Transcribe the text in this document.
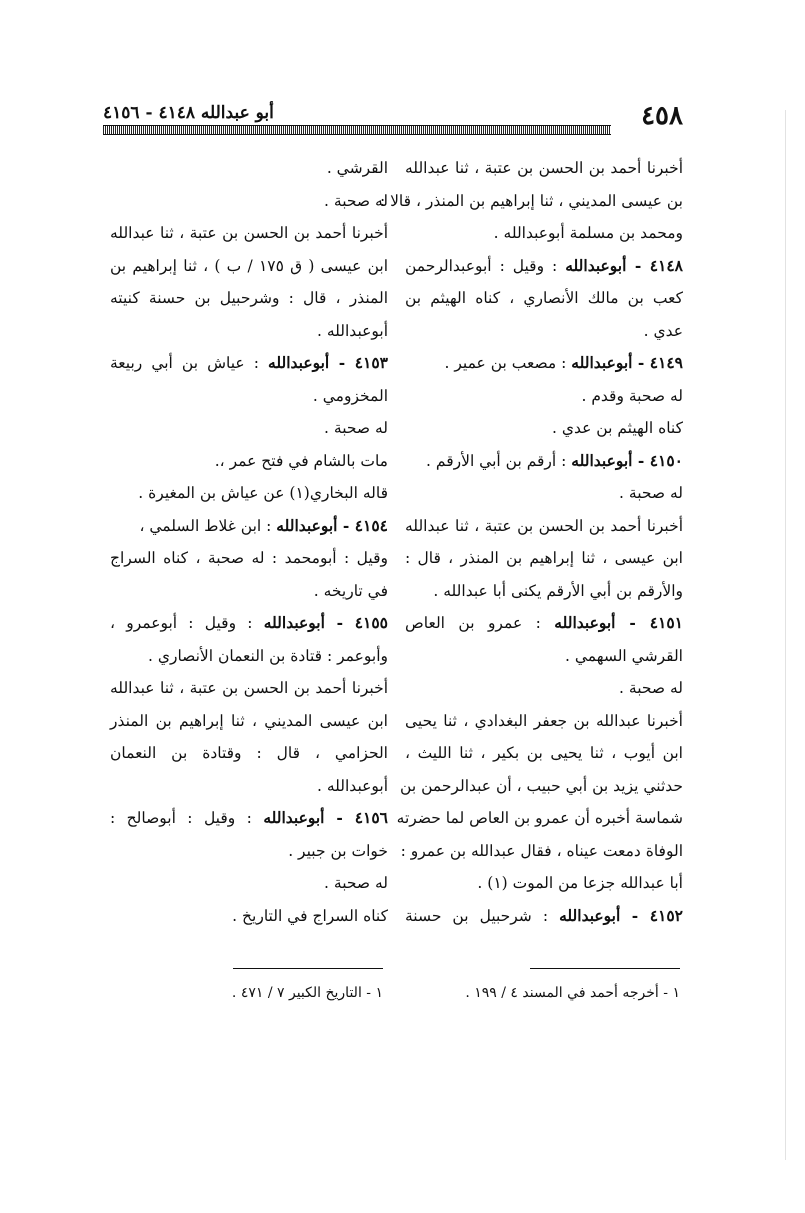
٤٥٨
أبو عبدالله ٤١٤٨ - ٤١٥٦
أخبرنا أحمد بن الحسن بن عتبة ، ثنا عبدالله
بن عيسى المديني ، ثنا إبراهيم بن المنذر ، قالا :
ومحمد بن مسلمة أبوعبدالله .
٤١٤٨ - أبوعبدالله : وقيل : أبوعبدالرحمن
كعب بن مالك الأنصاري ، كناه الهيثم بن
عدي .
٤١٤٩ - أبوعبدالله : مصعب بن عمير .
له صحبة وقدم .
كناه الهيثم بن عدي .
٤١٥٠ - أبوعبدالله : أرقم بن أبي الأرقم .
له صحبة .
أخبرنا أحمد بن الحسن بن عتبة ، ثنا عبدالله
ابن عيسى ، ثنا إبراهيم بن المنذر ، قال :
والأرقم بن أبي الأرقم يكنى أبا عبدالله .
٤١٥١ - أبوعبدالله : عمرو بن العاص
القرشي السهمي .
له صحبة .
أخبرنا عبدالله بن جعفر البغدادي ، ثنا يحيى
ابن أيوب ، ثنا يحيى بن بكير ، ثنا الليث ،
حدثني يزيد بن أبي حبيب ، أن عبدالرحمن بن
شماسة أخبره أن عمرو بن العاص لما حضرته
الوفاة دمعت عيناه ، فقال عبدالله بن عمرو :
أبا عبدالله جزعا من الموت (١) .
٤١٥٢ - أبوعبدالله : شرحبيل بن حسنة
القرشي .
له صحبة .
أخبرنا أحمد بن الحسن بن عتبة ، ثنا عبدالله
ابن عيسى ( ق ١٧٥ / ب ) ، ثنا إبراهيم بن
المنذر ، قال : وشرحبيل بن حسنة كنيته
أبوعبدالله .
٤١٥٣ - أبوعبدالله : عياش بن أبي ربيعة
المخزومي .
له صحبة .
مات بالشام في فتح عمر ،.
قاله البخاري(١) عن عياش بن المغيرة .
٤١٥٤ - أبوعبدالله : ابن غلاط السلمي ،
وقيل : أبومحمد : له صحبة ، كناه السراج
في تاريخه .
٤١٥٥ - أبوعبدالله : وقيل : أبوعمرو ،
وأبوعمر : قتادة بن النعمان الأنصاري .
أخبرنا أحمد بن الحسن بن عتبة ، ثنا عبدالله
ابن عيسى المديني ، ثنا إبراهيم بن المنذر
الحزامي ، قال : وقتادة بن النعمان
أبوعبدالله .
٤١٥٦ - أبوعبدالله : وقيل : أبوصالح :
خوات بن جبير .
له صحبة .
كناه السراج في التاريخ .
١ - أخرجه أحمد في المسند ٤ / ١٩٩ .
١ - التاريخ الكبير ٧ / ٤٧١ .
